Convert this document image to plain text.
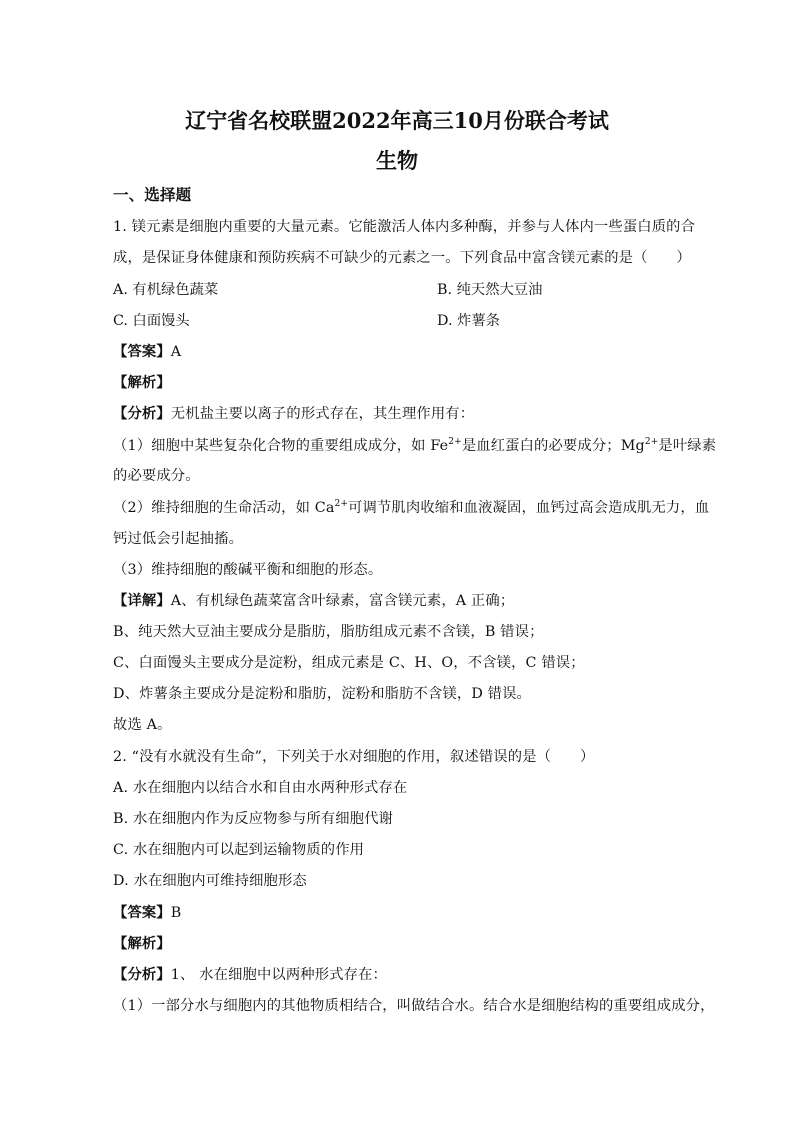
辽宁省名校联盟2022年高三10月份联合考试
生物
一、选择题
1. 镁元素是细胞内重要的大量元素。它能激活人体内多种酶，并参与人体内一些蛋白质的合
成，是保证身体健康和预防疾病不可缺少的元素之一。下列食品中富含镁元素的是（　　）
A. 有机绿色蔬菜	B. 纯天然大豆油
C. 白面馒头	D. 炸薯条
【答案】A
【解析】
【分析】无机盐主要以离子的形式存在，其生理作用有：
（1）细胞中某些复杂化合物的重要组成成分，如 $Fe^{2+}$是血红蛋白的必要成分；$Mg^{2+}$是叶绿素
的必要成分。
（2）维持细胞的生命活动，如 $Ca^{2+}$可调节肌肉收缩和血液凝固，血钙过高会造成肌无力，血
钙过低会引起抽搐。
（3）维持细胞的酸碱平衡和细胞的形态。
【详解】A、有机绿色蔬菜富含叶绿素，富含镁元素，A 正确；
B、纯天然大豆油主要成分是脂肪，脂肪组成元素不含镁，B 错误；
C、白面馒头主要成分是淀粉，组成元素是 C、H、O，不含镁，C 错误；
D、炸薯条主要成分是淀粉和脂肪，淀粉和脂肪不含镁，D 错误。
故选 A。
2. “没有水就没有生命”，下列关于水对细胞的作用，叙述错误的是（　　）
A. 水在细胞内以结合水和自由水两种形式存在
B. 水在细胞内作为反应物参与所有细胞代谢
C. 水在细胞内可以起到运输物质的作用
D. 水在细胞内可维持细胞形态
【答案】B
【解析】
【分析】1、 水在细胞中以两种形式存在：
（1）一部分水与细胞内的其他物质相结合，叫做结合水。结合水是细胞结构的重要组成成分，
